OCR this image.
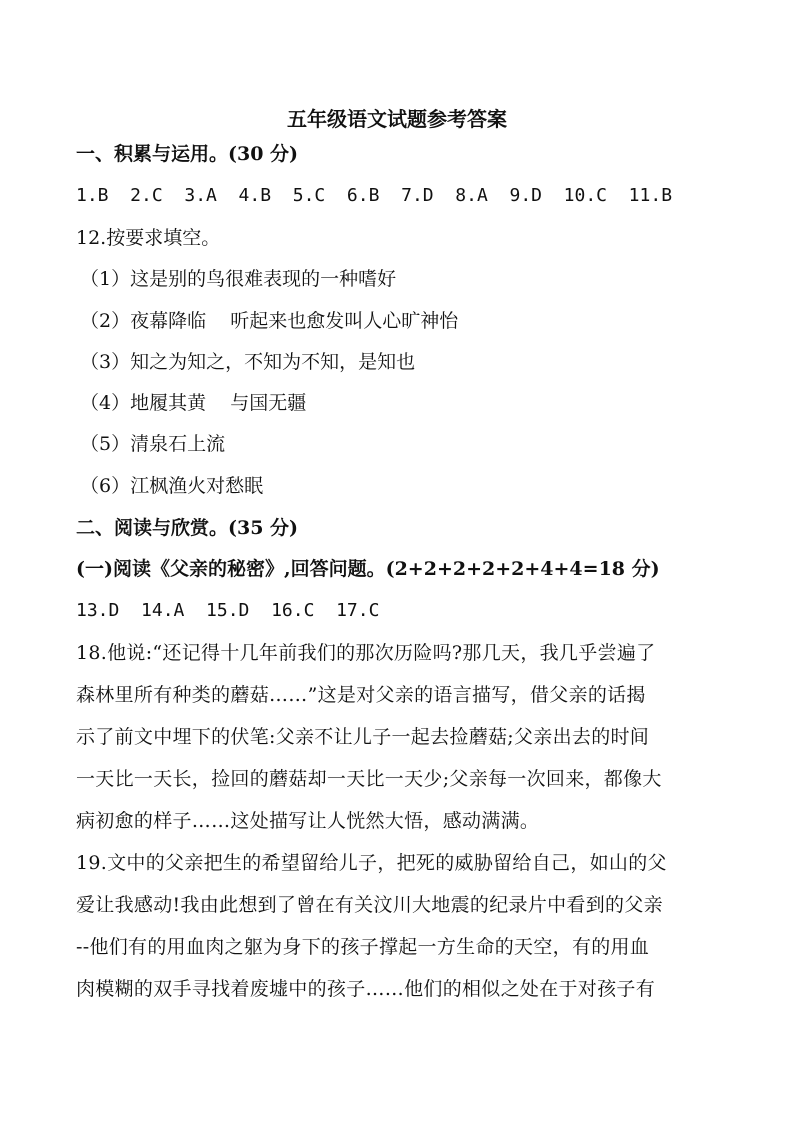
五年级语文试题参考答案
一、积累与运用。(30 分)
1.B  2.C  3.A  4.B  5.C  6.B  7.D  8.A  9.D  10.C  11.B
12.按要求填空。
（1）这是别的鸟很难表现的一种嗜好
（2）夜幕降临    听起来也愈发叫人心旷神怡
（3）知之为知之，不知为不知，是知也
（4）地履其黄    与国无疆
（5）清泉石上流
（6）江枫渔火对愁眠
二、阅读与欣赏。(35 分)
(一)阅读《父亲的秘密》,回答问题。(2+2+2+2+2+4+4=18 分)
13.D  14.A  15.D  16.C  17.C
18.他说:“还记得十几年前我们的那次历险吗?那几天，我几乎尝遍了
森林里所有种类的蘑菇……”这是对父亲的语言描写，借父亲的话揭
示了前文中埋下的伏笔:父亲不让儿子一起去捡蘑菇;父亲出去的时间
一天比一天长，捡回的蘑菇却一天比一天少;父亲每一次回来，都像大
病初愈的样子……这处描写让人恍然大悟，感动满满。
19.文中的父亲把生的希望留给儿子，把死的威胁留给自己，如山的父
爱让我感动!我由此想到了曾在有关汶川大地震的纪录片中看到的父亲
--他们有的用血肉之躯为身下的孩子撑起一方生命的天空，有的用血
肉模糊的双手寻找着废墟中的孩子……他们的相似之处在于对孩子有
